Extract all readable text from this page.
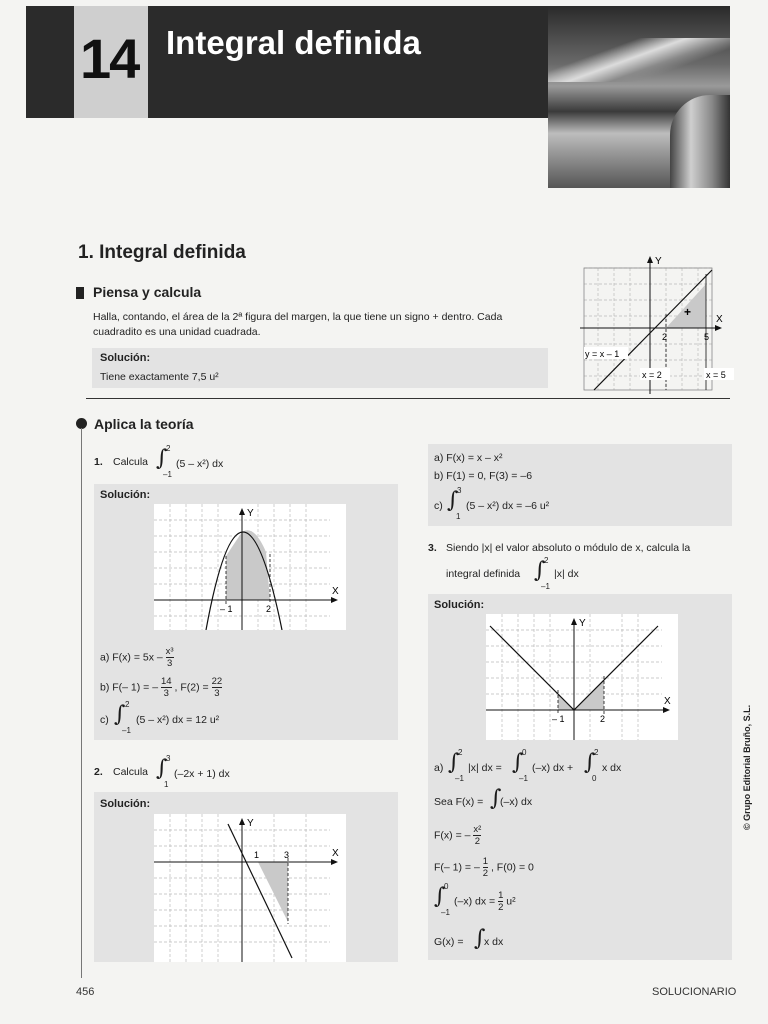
14 Integral definida
1. Integral definida
Piensa y calcula
Halla, contando, el área de la 2ª figura del margen, la que tiene un signo + dentro. Cada
cuadradito es una unidad cuadrada.
Solución:
Tiene exactamente 7,5 u²
Y
X
+
2	5
y = x – 1
x = 2	x = 5
Aplica la teoría
1. Calcula ∫
2
–1
(5 – x²) dx
Solución:
Y
X
– 1	2
a) $F(x) = 5x - \frac{\text{x³}}{3}$
b) F(– 1) = – $\frac{14}{3}$ , $F(2) = \frac{22}{3}$
c) ∫ 2
–1
(5 – x²) dx = 12 u²
2. Calcula ∫
3
1
(–2x + 1) dx
Solución:
Y
X
1	3
a) F(x) = x – x²
b) F(1) = 0, F(3) = –6
c) ∫
3
1
(5 – x²) dx = –6 u²
3. Siendo |x| el valor absoluto o módulo de x, calcula la
integral definida ∫
2
–1
|x| dx
Solución:
Y
X
– 1	2
a) ∫
2
–1
|x| dx = ∫
0
–1
(–x) dx + ∫
2
0
x dx
Sea F(x) = ∫
(–x) dx
F(x) = – $\frac{\text{x²}}{2}$
F(– 1) = – $\frac{1}{2}$ , F(0) = 0
∫
0
–1
(–x) dx = $\frac{1}{2} u^2$
G(x) = ∫
x dx
456	SOLUCIONARIO
© Grupo Editorial Bruño, S.L.
